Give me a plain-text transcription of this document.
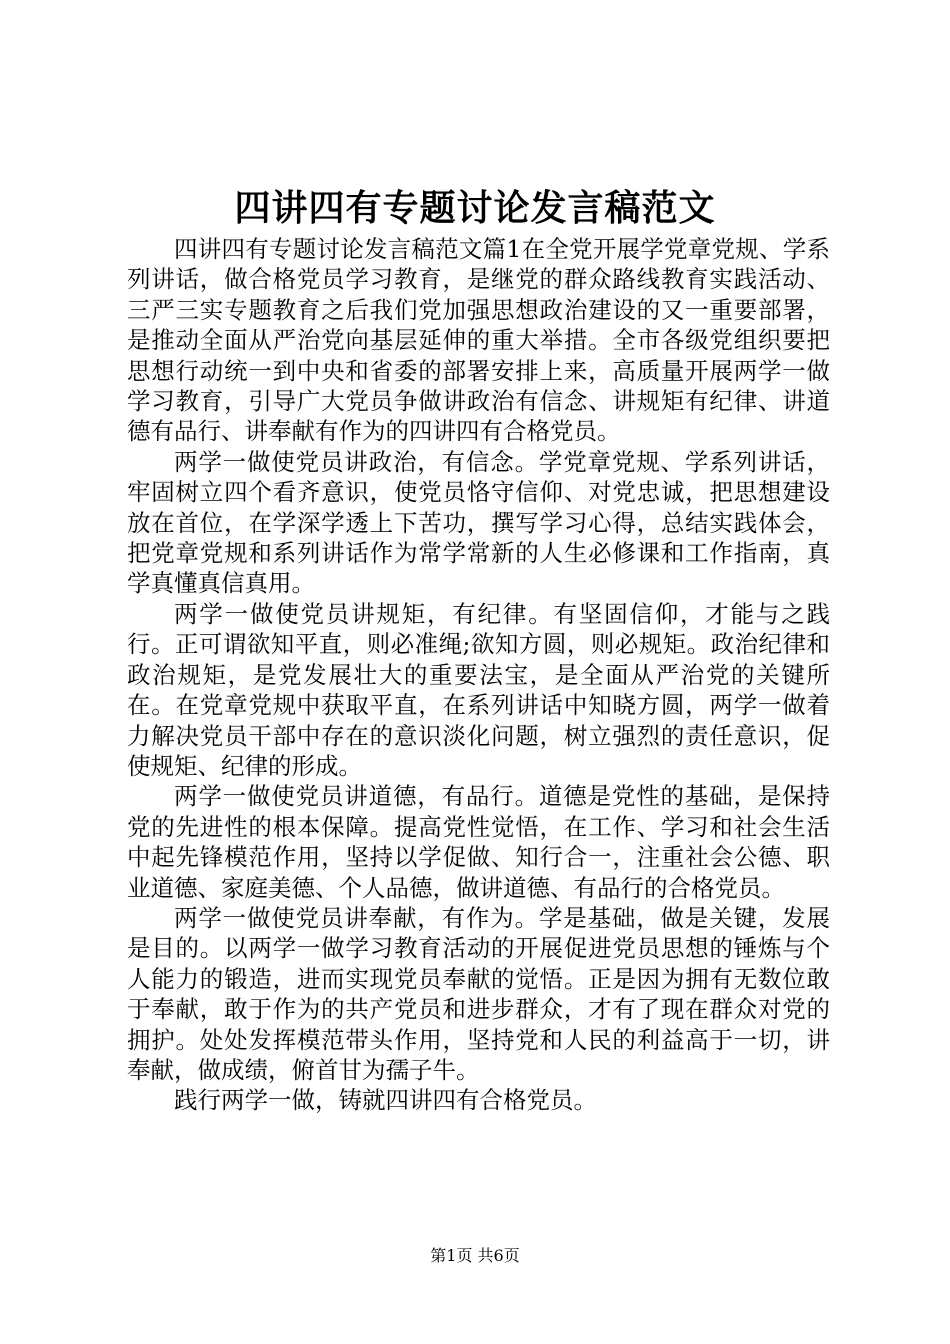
四讲四有专题讨论发言稿范文

四讲四有专题讨论发言稿范文篇1在全党开展学党章党规、学系列讲话，做合格党员学习教育，是继党的群众路线教育实践活动、三严三实专题教育之后我们党加强思想政治建设的又一重要部署，是推动全面从严治党向基层延伸的重大举措。全市各级党组织要把思想行动统一到中央和省委的部署安排上来，高质量开展两学一做学习教育，引导广大党员争做讲政治有信念、讲规矩有纪律、讲道德有品行、讲奉献有作为的四讲四有合格党员。

两学一做使党员讲政治，有信念。学党章党规、学系列讲话，牢固树立四个看齐意识，使党员恪守信仰、对党忠诚，把思想建设放在首位，在学深学透上下苦功，撰写学习心得，总结实践体会，把党章党规和系列讲话作为常学常新的人生必修课和工作指南，真学真懂真信真用。

两学一做使党员讲规矩，有纪律。有坚固信仰，才能与之践行。正可谓欲知平直，则必准绳;欲知方圆，则必规矩。政治纪律和政治规矩，是党发展壮大的重要法宝，是全面从严治党的关键所在。在党章党规中获取平直，在系列讲话中知晓方圆，两学一做着力解决党员干部中存在的意识淡化问题，树立强烈的责任意识，促使规矩、纪律的形成。

两学一做使党员讲道德，有品行。道德是党性的基础，是保持党的先进性的根本保障。提高党性觉悟，在工作、学习和社会生活中起先锋模范作用，坚持以学促做、知行合一，注重社会公德、职业道德、家庭美德、个人品德，做讲道德、有品行的合格党员。

两学一做使党员讲奉献，有作为。学是基础，做是关键，发展是目的。以两学一做学习教育活动的开展促进党员思想的锤炼与个人能力的锻造，进而实现党员奉献的觉悟。正是因为拥有无数位敢于奉献，敢于作为的共产党员和进步群众，才有了现在群众对党的拥护。处处发挥模范带头作用，坚持党和人民的利益高于一切，讲奉献，做成绩，俯首甘为孺子牛。

践行两学一做，铸就四讲四有合格党员。

第1页 共6页
